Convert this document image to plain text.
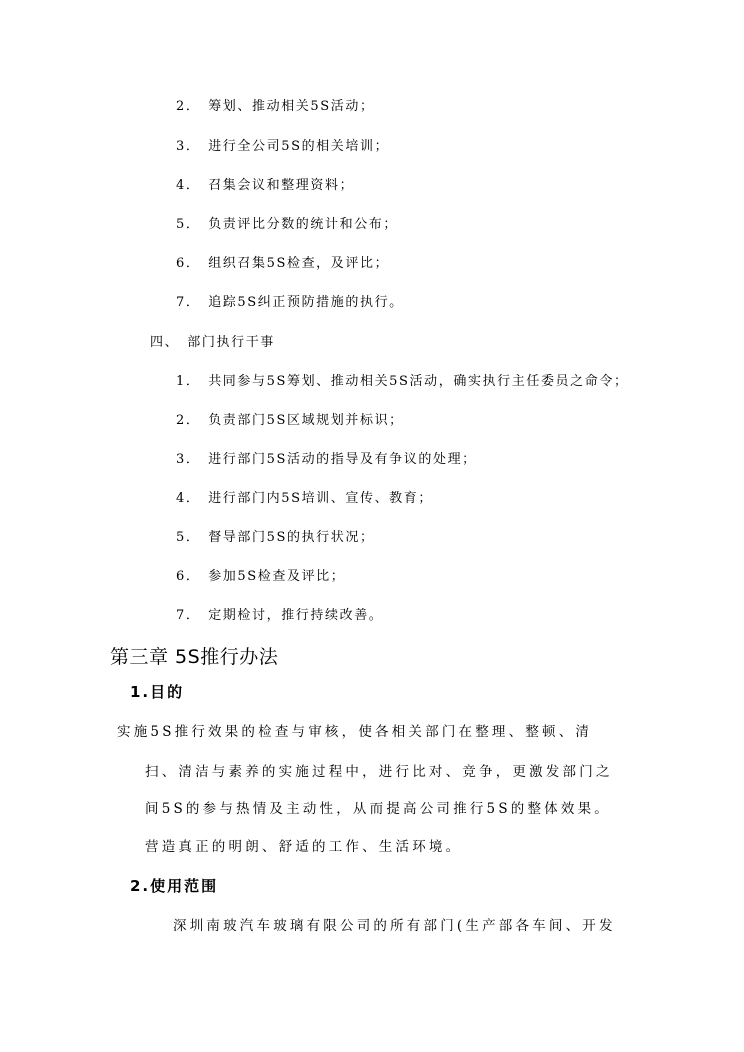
2． 筹划、推动相关5S活动；
3． 进行全公司5S的相关培训；
4． 召集会议和整理资料；
5． 负责评比分数的统计和公布；
6． 组织召集5S检查，及评比；
7． 追踪5S纠正预防措施的执行。
四、　部门执行干事
1． 共同参与5S筹划、推动相关5S活动，确实执行主任委员之命令；
2． 负责部门5S区域规划并标识；
3． 进行部门5S活动的指导及有争议的处理；
4． 进行部门内5S培训、宣传、教育；
5． 督导部门5S的执行状况；
6． 参加5S检查及评比；
7． 定期检讨，推行持续改善。
第三章 5S推行办法
1.目的
实施5S推行效果的检查与审核，使各相关部门在整理、整顿、清
扫、清洁与素养的实施过程中，进行比对、竞争，更激发部门之
间5S的参与热情及主动性，从而提高公司推行5S的整体效果。
营造真正的明朗、舒适的工作、生活环境。
2.使用范围
深圳南玻汽车玻璃有限公司的所有部门(生产部各车间、开发
